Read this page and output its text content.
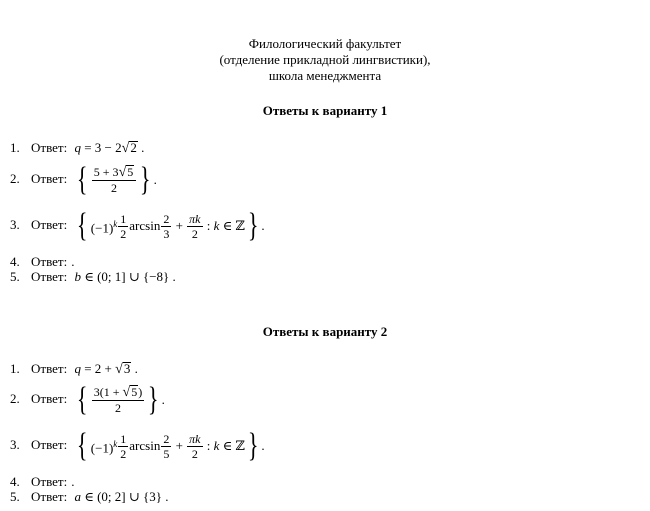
Филологический факультет
(отделение прикладной лингвистики),
школа менеджмента
Ответы к варианту 1
1. Ответ: q = 3 − 2√2 .
2. Ответ: { $\frac{5 + 3√5}{2}$ } .
3. Ответ: { $(-1)^k \frac{1}{2}$ $\arcsin \frac{2}{3} + \frac{\pi k}{2}$ : k ∈ ℤ } .
4. Ответ: .
5. Ответ: b ∈ (0; 1] ∪ {−8} .
Ответы к варианту 2
1. Ответ: q = 2 + √3 .
2. Ответ: { $\frac{3(1 + √5)}{2}$ } .
3. Ответ: { $(-1)^k \frac{1}{2}$ $\arcsin \frac{2}{5} + \frac{\pi k}{2}$ : k ∈ ℤ } .
4. Ответ: .
5. Ответ: a ∈ (0; 2] ∪ {3} .
